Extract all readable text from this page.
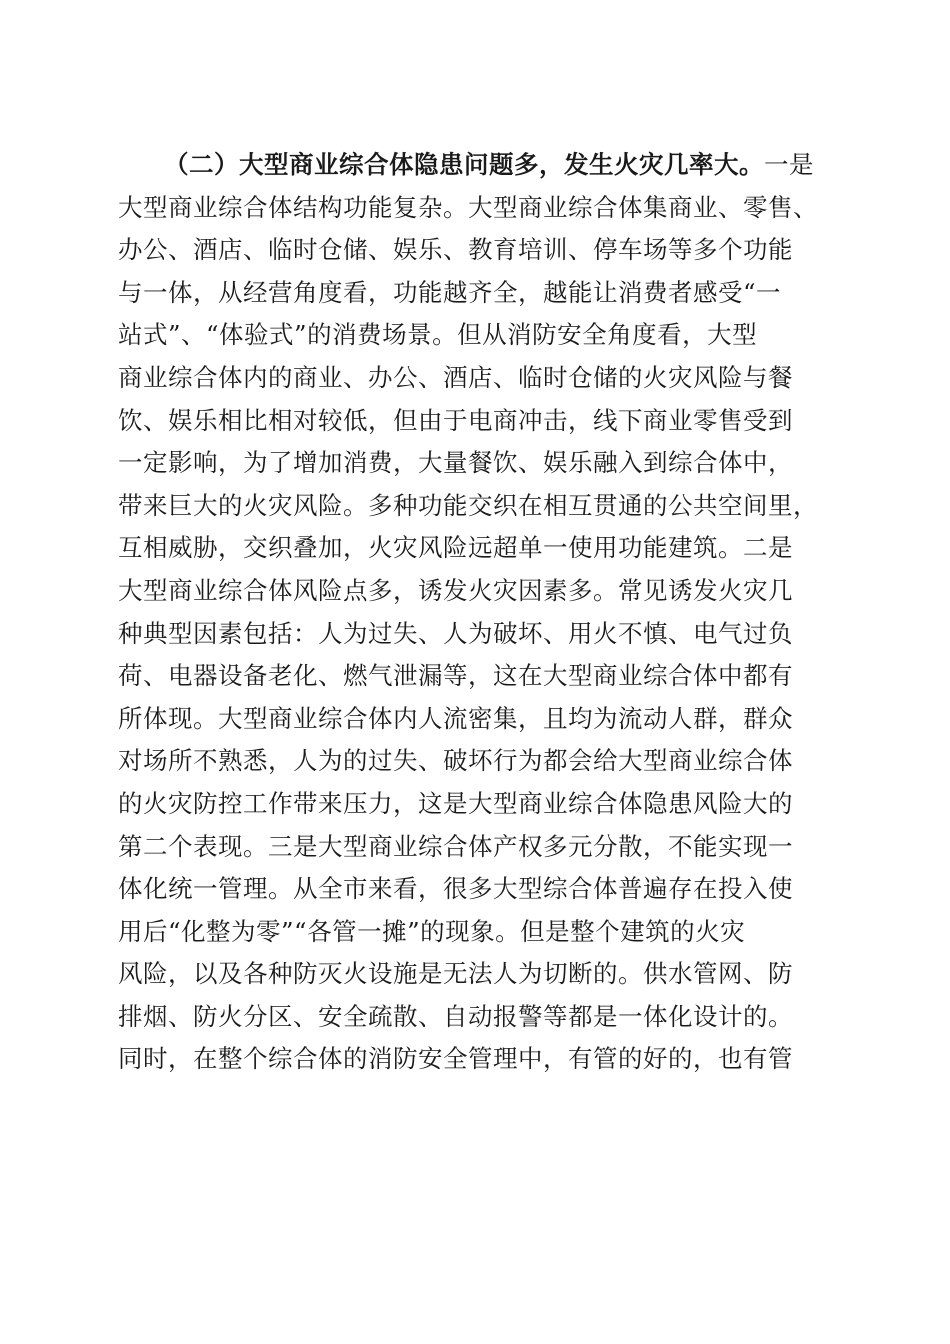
（二）大型商业综合体隐患问题多，发生火灾几率大。一是
大型商业综合体结构功能复杂。大型商业综合体集商业、零售、
办公、酒店、临时仓储、娱乐、教育培训、停车场等多个功能
与一体，从经营角度看，功能越齐全，越能让消费者感受“一
站式”、“体验式”的消费场景。但从消防安全角度看，大型
商业综合体内的商业、办公、酒店、临时仓储的火灾风险与餐
饮、娱乐相比相对较低，但由于电商冲击，线下商业零售受到
一定影响，为了增加消费，大量餐饮、娱乐融入到综合体中，
带来巨大的火灾风险。多种功能交织在相互贯通的公共空间里，
互相威胁，交织叠加，火灾风险远超单一使用功能建筑。二是
大型商业综合体风险点多，诱发火灾因素多。常见诱发火灾几
种典型因素包括：人为过失、人为破坏、用火不慎、电气过负
荷、电器设备老化、燃气泄漏等，这在大型商业综合体中都有
所体现。大型商业综合体内人流密集，且均为流动人群，群众
对场所不熟悉，人为的过失、破坏行为都会给大型商业综合体
的火灾防控工作带来压力，这是大型商业综合体隐患风险大的
第二个表现。三是大型商业综合体产权多元分散，不能实现一
体化统一管理。从全市来看，很多大型综合体普遍存在投入使
用后“化整为零”“各管一摊”的现象。但是整个建筑的火灾
风险，以及各种防灭火设施是无法人为切断的。供水管网、防
排烟、防火分区、安全疏散、自动报警等都是一体化设计的。
同时，在整个综合体的消防安全管理中，有管的好的，也有管
